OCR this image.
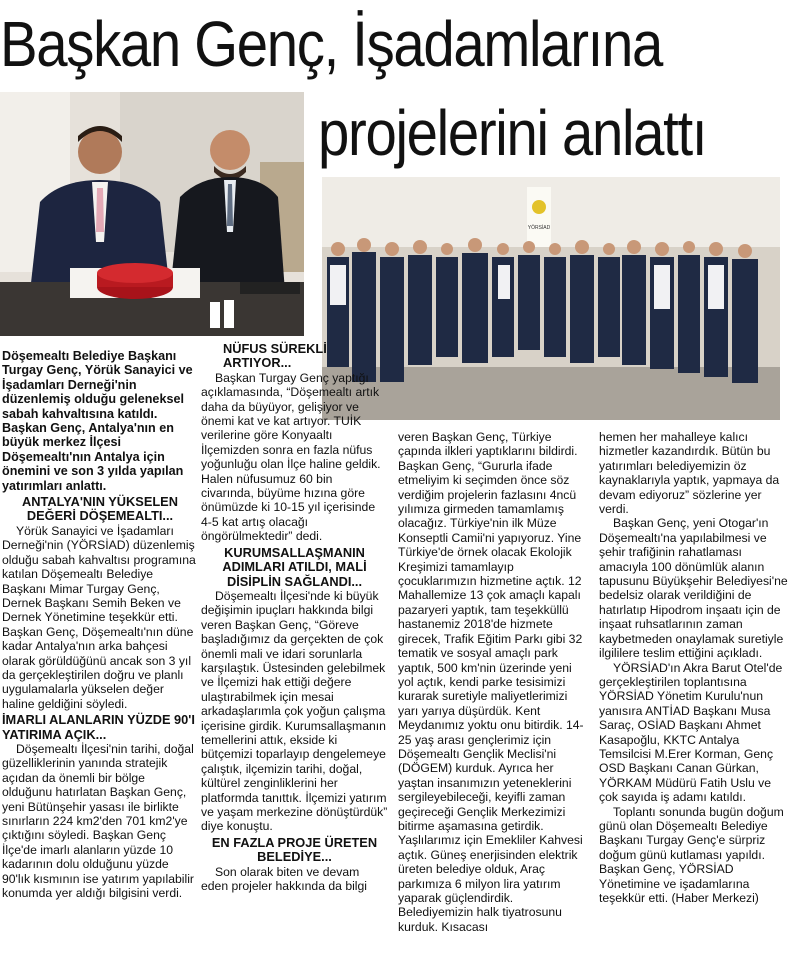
Başkan Genç, İşadamlarına
projelerini anlattı
YÖRSİAD

Döşemealtı Belediye Başkanı Turgay Genç, Yörük Sanayici ve İşadamları Derneği'nin düzenlemiş olduğu geleneksel sabah kahvaltısına katıldı. Başkan Genç, Antalya'nın en büyük merkez İlçesi Döşemealtı'nın Antalya için önemini ve son 3 yılda yapılan yatırımları anlattı.

ANTALYA'NIN YÜKSELEN DEĞERİ DÖŞEMEALTI...

Yörük Sanayici ve İşadamları Derneği'nin (YÖRSİAD) düzenlemiş olduğu sabah kahvaltısı programına katılan Döşemealtı Belediye Başkanı Mimar Turgay Genç, Dernek Başkanı Semih Beken ve Dernek Yönetimine teşekkür etti. Başkan Genç, Döşemealtı'nın düne kadar Antalya'nın arka bahçesi olarak görüldüğünü ancak son 3 yıl da gerçekleştirilen doğru ve planlı uygulamalarla yükselen değer haline geldiğini söyledi.

İMARLI ALANLARIN YÜZDE 90'I YATIRIMA AÇIK...

Döşemealtı İlçesi'nin tarihi, doğal güzelliklerinin yanında stratejik açıdan da önemli bir bölge olduğunu hatırlatan Başkan Genç, yeni Bütünşehir yasası ile birlikte sınırların 224 km2'den 701 km2'ye çıktığını söyledi. Başkan Genç İlçe'de imarlı alanların yüzde 10 kadarının dolu olduğunu yüzde 90'lık kısmının ise yatırım yapılabilir konumda yer aldığı bilgisini verdi.

NÜFUS SÜREKLİ ARTIYOR...

Başkan Turgay Genç yaptığı açıklamasında, “Döşemealtı artık daha da büyüyor, gelişiyor ve önemi kat ve kat artıyor. TUİK verilerine göre Konyaaltı İlçemizden sonra en fazla nüfus yoğunluğu olan İlçe haline geldik. Halen nüfusumuz 60 bin civarında, büyüme hızına göre önümüzde ki 10-15 yıl içerisinde 4-5 kat artış olacağı öngörülmektedir” dedi.

KURUMSALLAŞMANIN ADIMLARI ATILDI, MALİ DİSİPLİN SAĞLANDI...

Döşemealtı İlçesi'nde ki büyük değişimin ipuçları hakkında bilgi veren Başkan Genç, “Göreve başladığımız da gerçekten de çok önemli mali ve idari sorunlarla karşılaştık. Üstesinden gelebilmek ve İlçemizi hak ettiği değere ulaştırabilmek için mesai arkadaşlarımla çok yoğun çalışma içerisine girdik. Kurumsallaşmanın temellerini attık, ekside ki bütçemizi toparlayıp dengelemeye çalıştık, ilçemizin tarihi, doğal, kültürel zenginliklerini her platformda tanıttık. İlçemizi yatırım ve yaşam merkezine dönüştürdük” diye konuştu.

EN FAZLA PROJE ÜRETEN BELEDİYE...

Son olarak biten ve devam eden projeler hakkında da bilgi

veren Başkan Genç, Türkiye çapında ilkleri yaptıklarını bildirdi. Başkan Genç, “Gururla ifade etmeliyim ki seçimden önce söz verdiğim projelerin fazlasını 4ncü yılımıza girmeden tamamlamış olacağız. Türkiye'nin ilk Müze Konseptli Camii'ni yapıyoruz. Yine Türkiye'de örnek olacak Ekolojik Kreşimizi tamamlayıp çocuklarımızın hizmetine açtık. 12 Mahallemize 13 çok amaçlı kapalı pazaryeri yaptık, tam teşekküllü hastanemiz 2018'de hizmete girecek, Trafik Eğitim Parkı gibi 32 tematik ve sosyal amaçlı park yaptık, 500 km'nin üzerinde yeni yol açtık, kendi parke tesisimizi kurarak suretiyle maliyetlerimizi yarı yarıya düşürdük. Kent Meydanımız yoktu onu bitirdik. 14-25 yaş arası gençlerimiz için Döşemealtı Gençlik Meclisi'ni (DÖGEM) kurduk. Ayrıca her yaştan insanımızın yeteneklerini sergileyebileceği, keyifli zaman geçireceği Gençlik Merkezimizi bitirme aşamasına getirdik. Yaşlılarımız için Emekliler Kahvesi açtık. Güneş enerjisinden elektrik üreten belediye olduk, Araç parkımıza 6 milyon lira yatırım yaparak güçlendirdik. Belediyemizin halk tiyatrosunu kurduk. Kısacası

hemen her mahalleye kalıcı hizmetler kazandırdık. Bütün bu yatırımları belediyemizin öz kaynaklarıyla yaptık, yapmaya da devam ediyoruz” sözlerine yer verdi.

Başkan Genç, yeni Otogar'ın Döşemealtı'na yapılabilmesi ve şehir trafiğinin rahatlaması amacıyla 100 dönümlük alanın tapusunu Büyükşehir Belediyesi'ne bedelsiz olarak verildiğini de hatırlatıp Hipodrom inşaatı için de inşaat ruhsatlarının zaman kaybetmeden onaylamak suretiyle ilgililere teslim ettiğini açıkladı.

YÖRSİAD'ın Akra Barut Otel'de gerçekleştirilen toplantısına YÖRSİAD Yönetim Kurulu'nun yanısıra ANTİAD Başkanı Musa Saraç, OSİAD Başkanı Ahmet Kasapoğlu, KKTC Antalya Temsilcisi M.Erer Korman, Genç OSD Başkanı Canan Gürkan, YÖRKAM Müdürü Fatih Uslu ve çok sayıda iş adamı katıldı.

Toplantı sonunda bugün doğum günü olan Döşemealtı Belediye Başkanı Turgay Genç'e sürpriz doğum günü kutlaması yapıldı. Başkan Genç, YÖRSİAD Yönetimine ve işadamlarına teşekkür etti. (Haber Merkezi)
